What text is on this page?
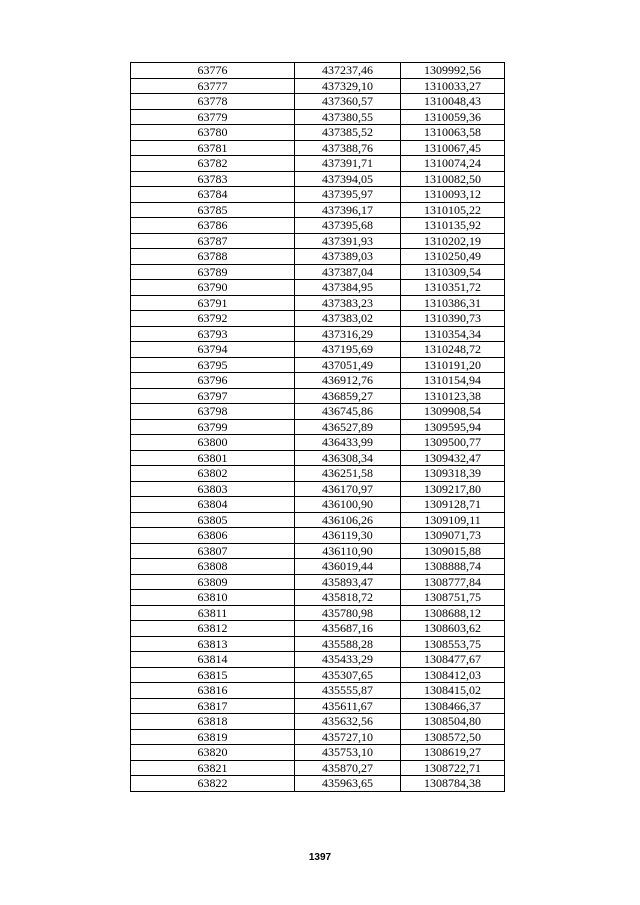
63776	437237,46	1309992,56
63777	437329,10	1310033,27
63778	437360,57	1310048,43
63779	437380,55	1310059,36
63780	437385,52	1310063,58
63781	437388,76	1310067,45
63782	437391,71	1310074,24
63783	437394,05	1310082,50
63784	437395,97	1310093,12
63785	437396,17	1310105,22
63786	437395,68	1310135,92
63787	437391,93	1310202,19
63788	437389,03	1310250,49
63789	437387,04	1310309,54
63790	437384,95	1310351,72
63791	437383,23	1310386,31
63792	437383,02	1310390,73
63793	437316,29	1310354,34
63794	437195,69	1310248,72
63795	437051,49	1310191,20
63796	436912,76	1310154,94
63797	436859,27	1310123,38
63798	436745,86	1309908,54
63799	436527,89	1309595,94
63800	436433,99	1309500,77
63801	436308,34	1309432,47
63802	436251,58	1309318,39
63803	436170,97	1309217,80
63804	436100,90	1309128,71
63805	436106,26	1309109,11
63806	436119,30	1309071,73
63807	436110,90	1309015,88
63808	436019,44	1308888,74
63809	435893,47	1308777,84
63810	435818,72	1308751,75
63811	435780,98	1308688,12
63812	435687,16	1308603,62
63813	435588,28	1308553,75
63814	435433,29	1308477,67
63815	435307,65	1308412,03
63816	435555,87	1308415,02
63817	435611,67	1308466,37
63818	435632,56	1308504,80
63819	435727,10	1308572,50
63820	435753,10	1308619,27
63821	435870,27	1308722,71
63822	435963,65	1308784,38
1397
